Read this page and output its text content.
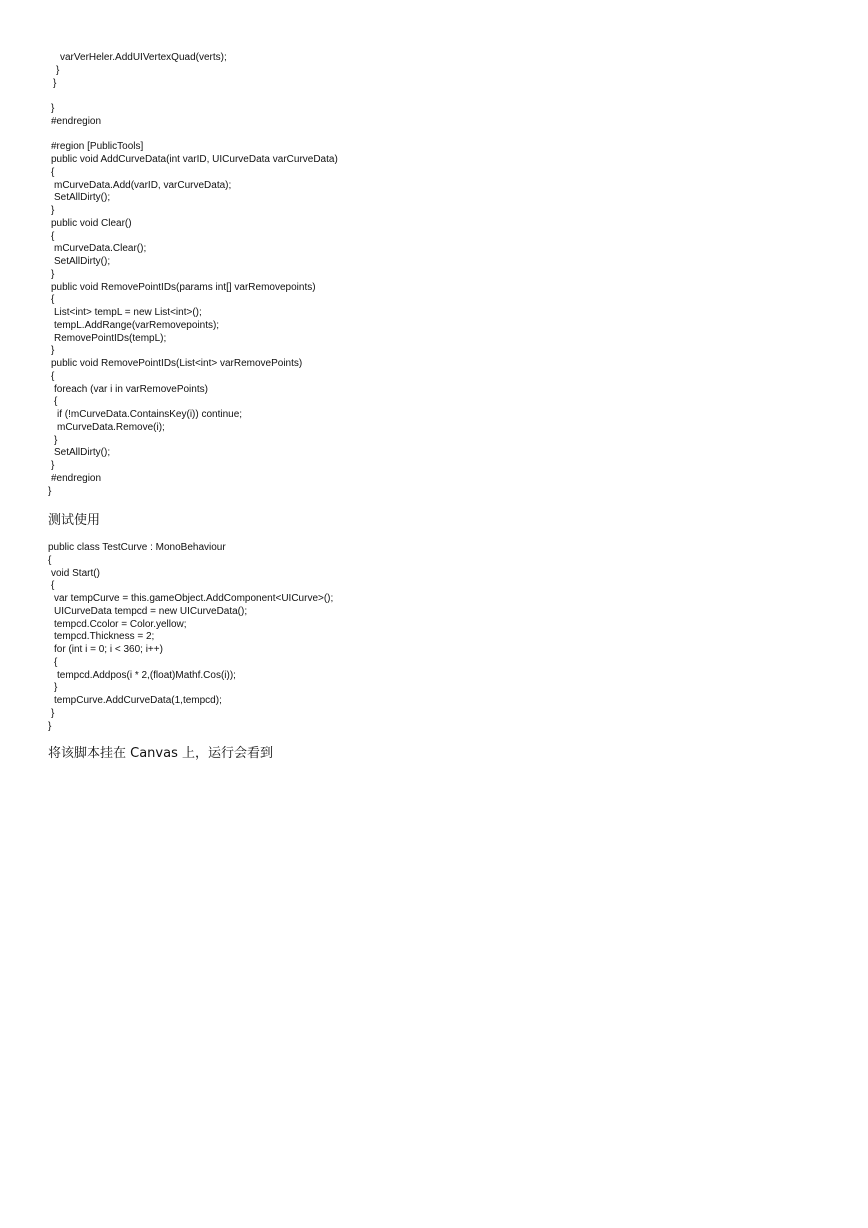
varVerHeler.AddUIVertexQuad(verts);
}
}
}
#endregion
#region [PublicTools]
public void AddCurveData(int varID, UICurveData varCurveData)
{
mCurveData.Add(varID, varCurveData);
SetAllDirty();
}
public void Clear()
{
mCurveData.Clear();
SetAllDirty();
}
public void RemovePointIDs(params int[] varRemovepoints)
{
List<int> tempL = new List<int>();
tempL.AddRange(varRemovepoints);
RemovePointIDs(tempL);
}
public void RemovePointIDs(List<int> varRemovePoints)
{
foreach (var i in varRemovePoints)
{
if (!mCurveData.ContainsKey(i)) continue;
mCurveData.Remove(i);
}
SetAllDirty();
}
#endregion
}
测试使用
public class TestCurve : MonoBehaviour
{
void Start()
{
var tempCurve = this.gameObject.AddComponent<UICurve>();
UICurveData tempcd = new UICurveData();
tempcd.Ccolor = Color.yellow;
tempcd.Thickness = 2;
for (int i = 0; i < 360; i++)
{
tempcd.Addpos(i * 2,(float)Mathf.Cos(i));
}
tempCurve.AddCurveData(1,tempcd);
}
}
将该脚本挂在 Canvas 上，运行会看到
